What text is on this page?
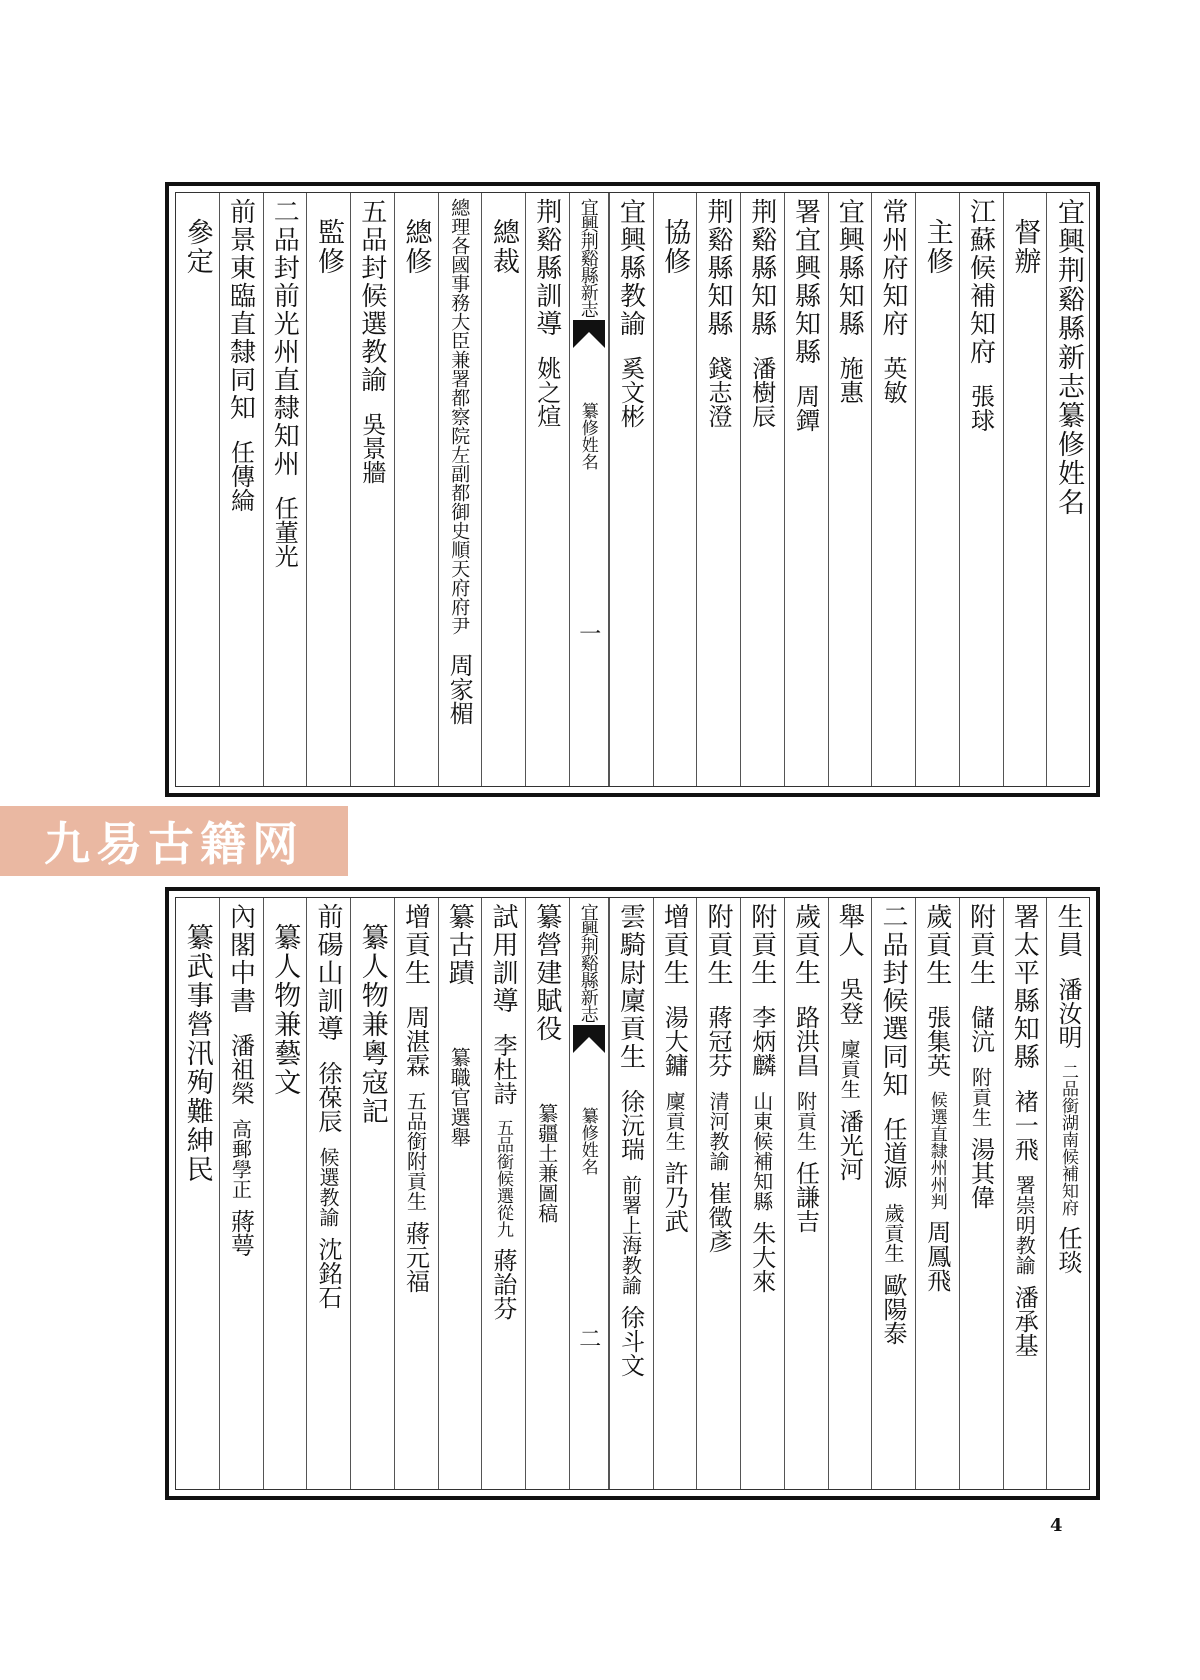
宜興荆谿縣新志纂修姓名
督辦
江蘇候補知府張球
主修
常州府知府英敏
宜興縣知縣施惠
署宜興縣知縣周鐔
荆谿縣知縣潘樹辰
荆谿縣知縣錢志澄
協修
宜興縣教諭奚文彬
宜興荆谿縣新志
纂修姓名
一
荆谿縣訓導姚之煊
總裁
總理各國事務大臣兼署都察院左副都御史順天府府尹周家楣
總修
五品封候選教諭吳景牆
監修
二品封前光州直隸知州任董光
前景東臨直隸同知任傳綸
參定
生員潘汝明二品銜湖南候補知府任琰
署太平縣知縣褚一飛署崇明教諭潘承基
附貢生儲沆附貢生湯其偉
歲貢生張集英候選直隸州州判周鳳飛
二品封候選同知任道源歲貢生歐陽泰
舉人吳登廩貢生潘光河
歲貢生路洪昌附貢生任謙吉
附貢生李炳麟山東候補知縣朱大來
附貢生蔣冠芬清河教諭崔徵彥
增貢生湯大鏞廩貢生許乃武
雲騎尉廩貢生徐沅瑞前署上海教諭徐斗文
宜興荆谿縣新志
纂修姓名
二
纂營建賦役纂疆土兼圖稿
試用訓導李杜詩五品銜候選從九蔣詒芬
纂古蹟纂職官選舉
增貢生周湛霖五品銜附貢生蔣元福
纂人物兼粵寇記
前碭山訓導徐葆辰候選教諭沈銘石
纂人物兼藝文
內閣中書潘祖榮高郵學正蔣萼
纂武事營汛殉難紳民
九易古籍网
4
